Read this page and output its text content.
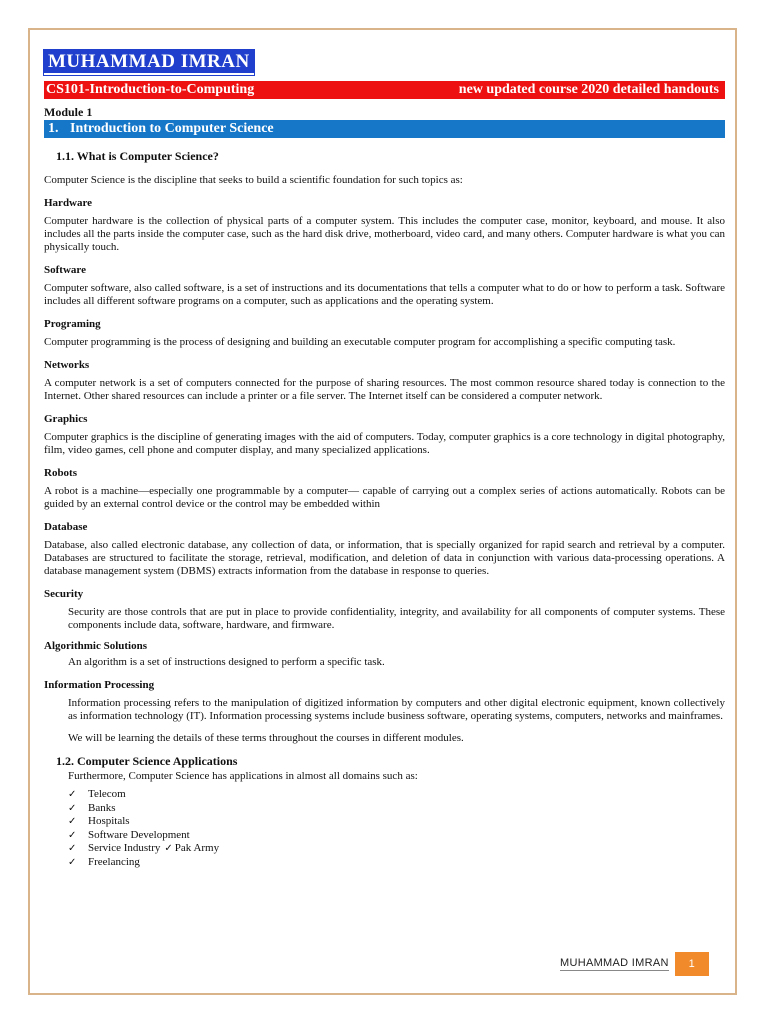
MUHAMMAD IMRAN
CS101-Introduction-to-Computing	new updated course 2020 detailed handouts
Module 1
1. Introduction to Computer Science
1.1. What is Computer Science?

Computer Science is the discipline that seeks to build a scientific foundation for such topics as:

Hardware

Computer hardware is the collection of physical parts of a computer system. This includes the computer case, monitor, keyboard, and mouse. It also includes all the parts inside the computer case, such as the hard disk drive, motherboard, video card, and many others. Computer hardware is what you can physically touch.

Software

Computer software, also called software, is a set of instructions and its documentations that tells a computer what to do or how to perform a task. Software includes all different software programs on a computer, such as applications and the operating system.

Programing

Computer programming is the process of designing and building an executable computer program for accomplishing a specific computing task.

Networks

A computer network is a set of computers connected for the purpose of sharing resources. The most common resource shared today is connection to the Internet. Other shared resources can include a printer or a file server. The Internet itself can be considered a computer network.

Graphics

Computer graphics is the discipline of generating images with the aid of computers. Today, computer graphics is a core technology in digital photography, film, video games, cell phone and computer display, and many specialized applications.

Robots

A robot is a machine—especially one programmable by a computer— capable of carrying out a complex series of actions automatically. Robots can be guided by an external control device or the control may be embedded within

Database

Database, also called electronic database, any collection of data, or information, that is specially organized for rapid search and retrieval by a computer. Databases are structured to facilitate the storage, retrieval, modification, and deletion of data in conjunction with various data-processing operations. A database management system (DBMS) extracts information from the database in response to queries.

Security

Security are those controls that are put in place to provide confidentiality, integrity, and availability for all components of computer systems. These components include data, software, hardware, and firmware.

Algorithmic Solutions

An algorithm is a set of instructions designed to perform a specific task.

Information Processing

Information processing refers to the manipulation of digitized information by computers and other digital electronic equipment, known collectively as information technology (IT). Information processing systems include business software, operating systems, computers, networks and mainframes.

We will be learning the details of these terms throughout the courses in different modules.

1.2. Computer Science Applications

Furthermore, Computer Science has applications in almost all domains such as:

✓	Telecom
✓	Banks
✓	Hospitals
✓	Software Development
✓	Service Industry ✓ Pak Army
✓	Freelancing
MUHAMMAD IMRAN	1
